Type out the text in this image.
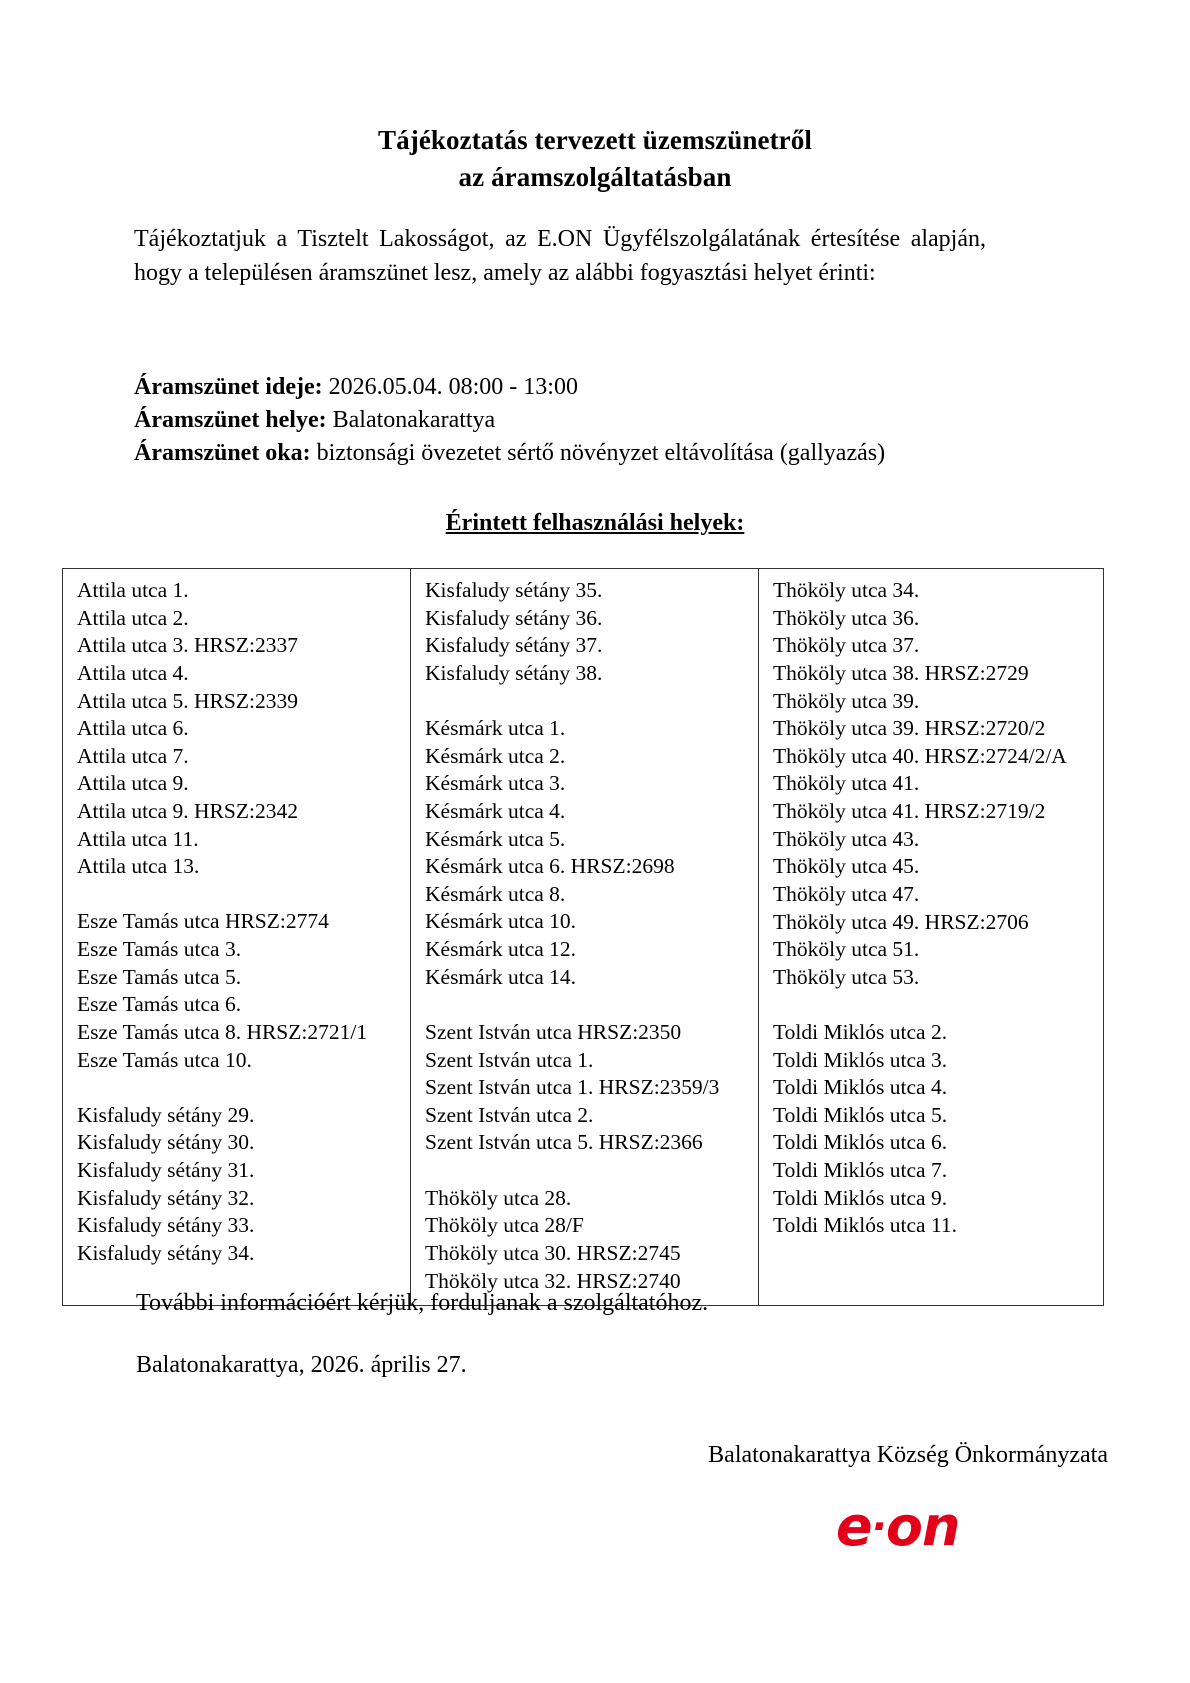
Tájékoztatás tervezett üzemszünetről
az áramszolgáltatásban

Tájékoztatjuk a Tisztelt Lakosságot, az E.ON Ügyfélszolgálatának értesítése alapján, hogy a településen áramszünet lesz, amely az alábbi fogyasztási helyet érinti:

Áramszünet ideje: 2026.05.04. 08:00 - 13:00
Áramszünet helye: Balatonakarattya
Áramszünet oka: biztonsági övezetet sértő növényzet eltávolítása (gallyazás)
Érintett felhasználási helyek:
Attila utca 1.
Attila utca 2.
Attila utca 3. HRSZ:2337
Attila utca 4.
Attila utca 5. HRSZ:2339
Attila utca 6.
Attila utca 7.
Attila utca 9.
Attila utca 9. HRSZ:2342
Attila utca 11.
Attila utca 13.
Esze Tamás utca HRSZ:2774
Esze Tamás utca 3.
Esze Tamás utca 5.
Esze Tamás utca 6.
Esze Tamás utca 8. HRSZ:2721/1
Esze Tamás utca 10.
Kisfaludy sétány 29.
Kisfaludy sétány 30.
Kisfaludy sétány 31.
Kisfaludy sétány 32.
Kisfaludy sétány 33.
Kisfaludy sétány 34.

Kisfaludy sétány 35.
Kisfaludy sétány 36.
Kisfaludy sétány 37.
Kisfaludy sétány 38.
Késmárk utca 1.
Késmárk utca 2.
Késmárk utca 3.
Késmárk utca 4.
Késmárk utca 5.
Késmárk utca 6. HRSZ:2698
Késmárk utca 8.
Késmárk utca 10.
Késmárk utca 12.
Késmárk utca 14.
Szent István utca HRSZ:2350
Szent István utca 1.
Szent István utca 1. HRSZ:2359/3
Szent István utca 2.
Szent István utca 5. HRSZ:2366
Thököly utca 28.
Thököly utca 28/F
Thököly utca 30. HRSZ:2745
Thököly utca 32. HRSZ:2740

Thököly utca 34.
Thököly utca 36.
Thököly utca 37.
Thököly utca 38. HRSZ:2729
Thököly utca 39.
Thököly utca 39. HRSZ:2720/2
Thököly utca 40. HRSZ:2724/2/A
Thököly utca 41.
Thököly utca 41. HRSZ:2719/2
Thököly utca 43.
Thököly utca 45.
Thököly utca 47.
Thököly utca 49. HRSZ:2706
Thököly utca 51.
Thököly utca 53.
Toldi Miklós utca 2.
Toldi Miklós utca 3.
Toldi Miklós utca 4.
Toldi Miklós utca 5.
Toldi Miklós utca 6.
Toldi Miklós utca 7.
Toldi Miklós utca 9.
Toldi Miklós utca 11.
További információért kérjük, forduljanak a szolgáltatóhoz.
Balatonakarattya, 2026. április 27.
Balatonakarattya Község Önkormányzata
e·on
